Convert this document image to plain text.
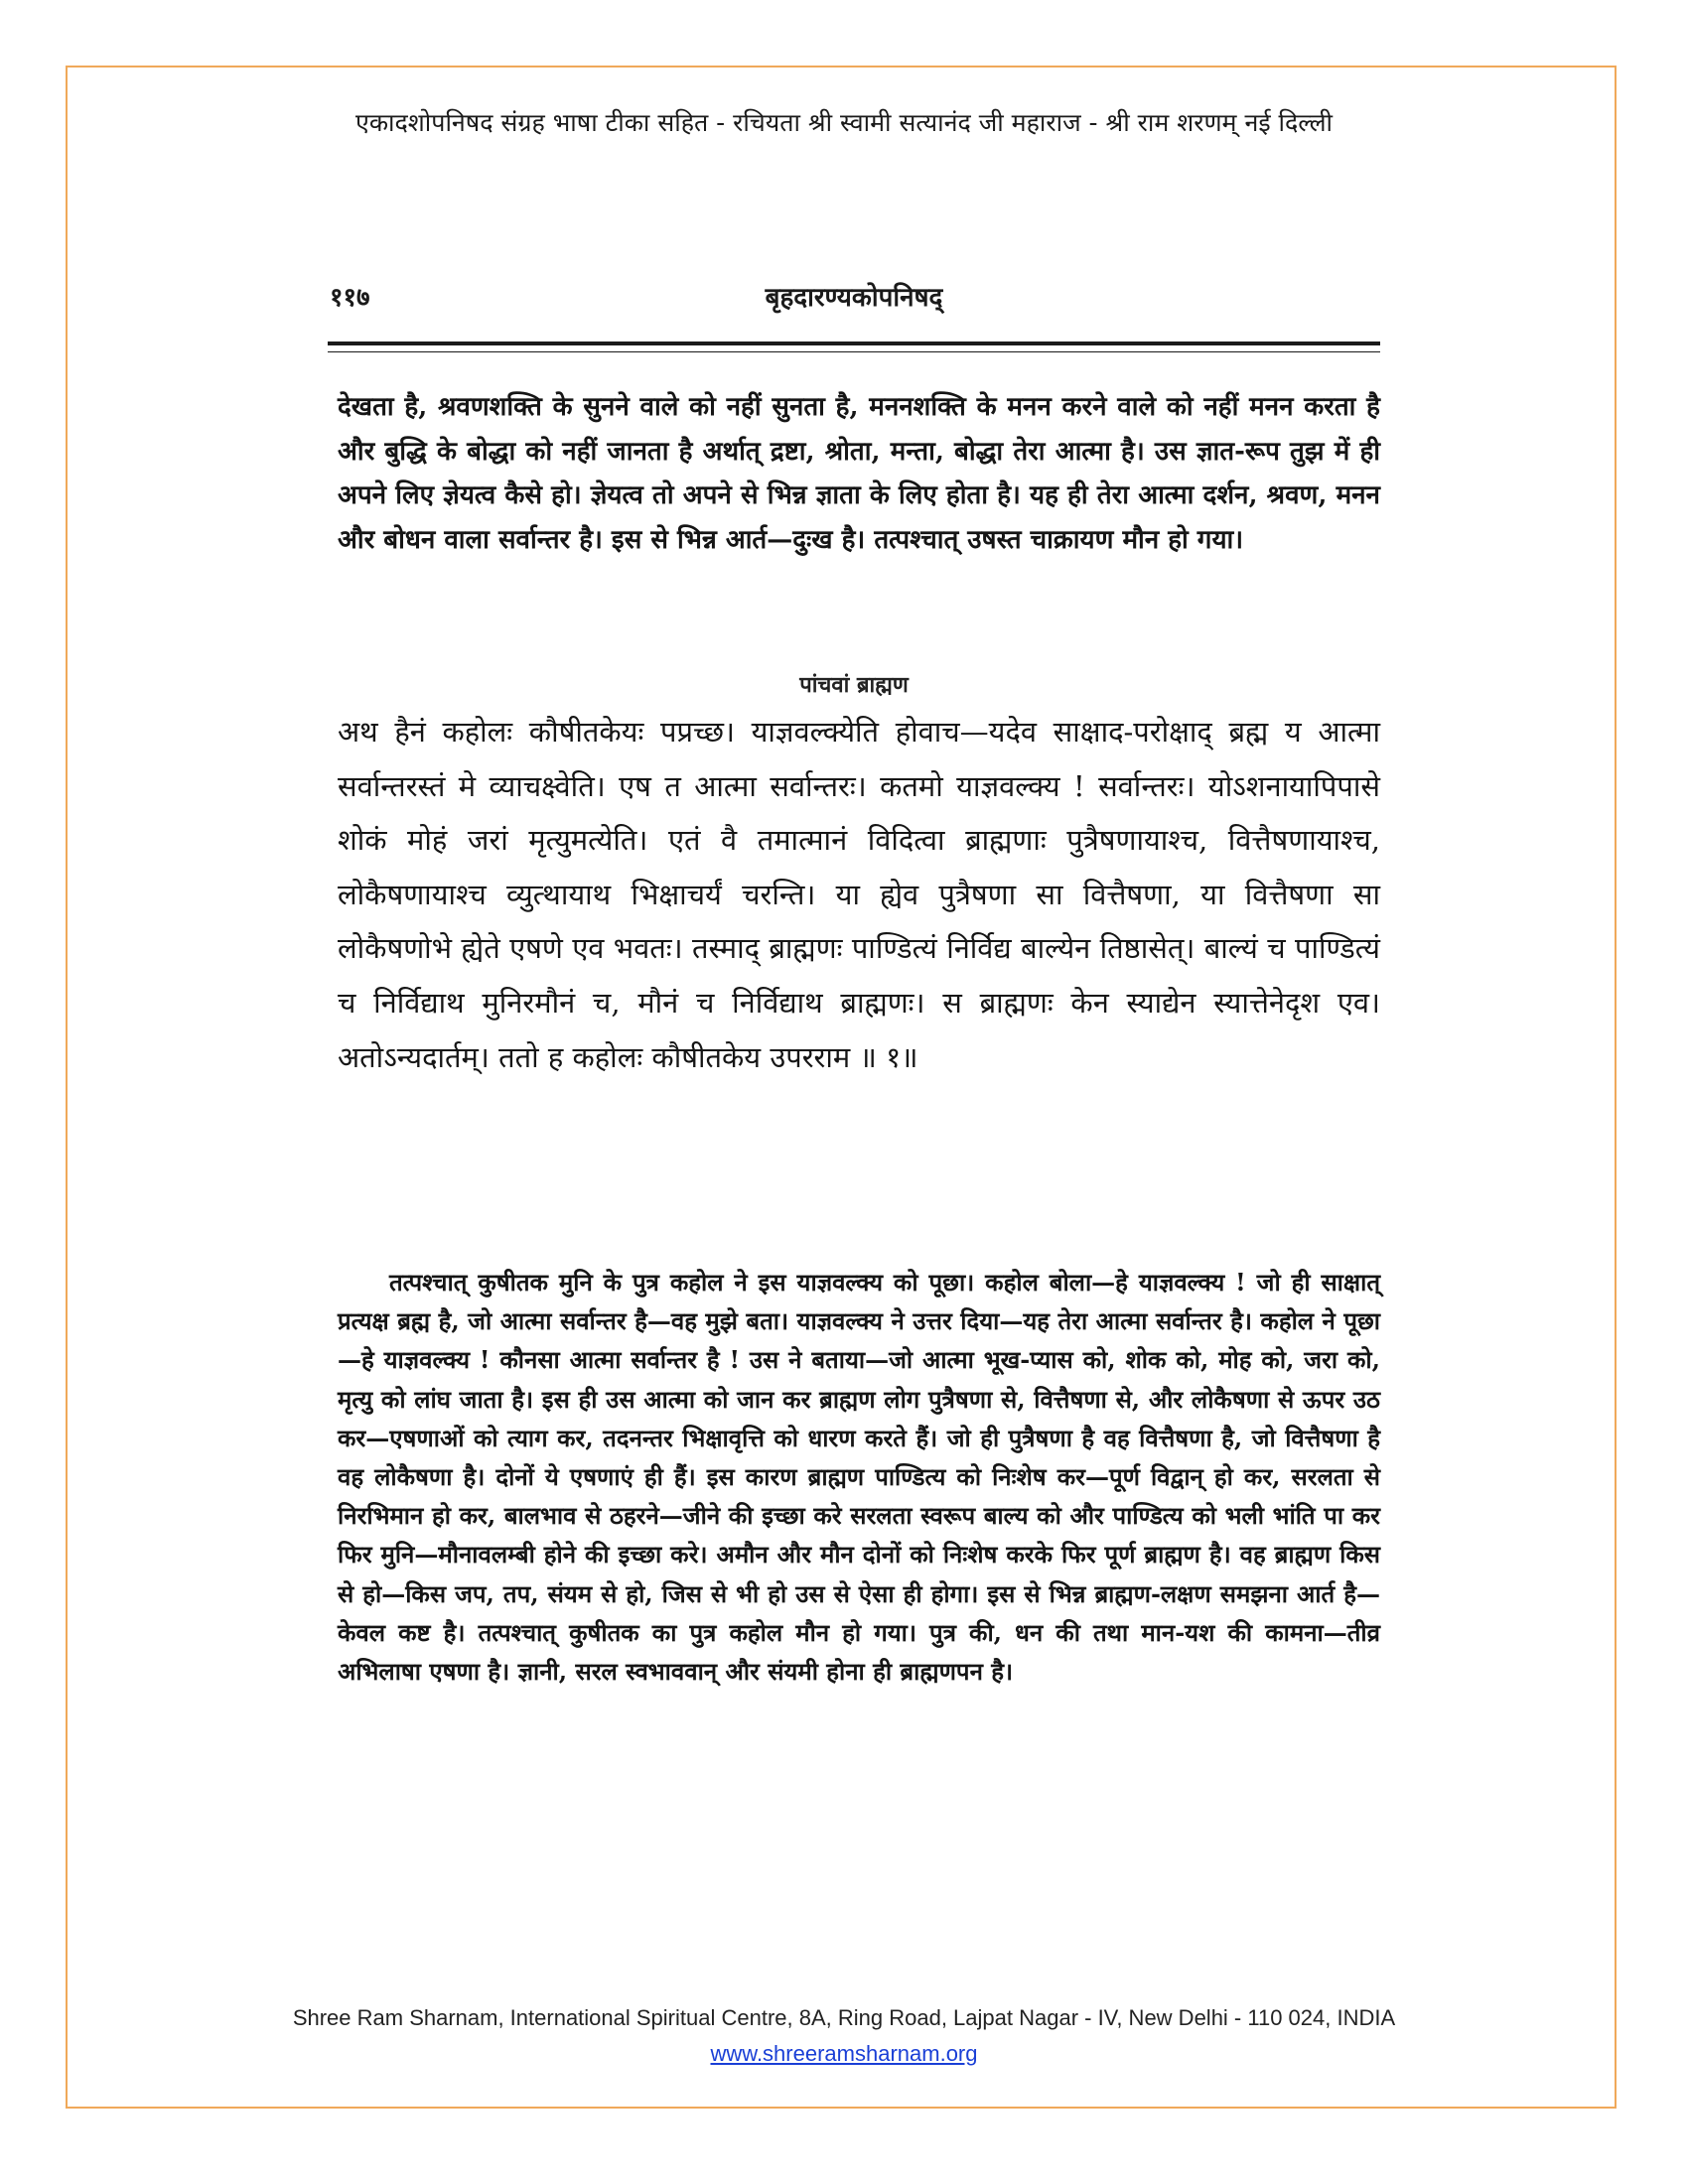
एकादशोपनिषद संग्रह भाषा टीका सहित - रचियता श्री स्वामी सत्यानंद जी महाराज - श्री राम शरणम् नई दिल्ली
११७	बृहदारण्यकोपनिषद्

देखता है, श्रवणशक्ति के सुनने वाले को नहीं सुनता है, मननशक्ति के मनन करने वाले को नहीं मनन करता है और बुद्धि के बोद्धा को नहीं जानता है अर्थात् द्रष्टा, श्रोता, मन्ता, बोद्धा तेरा आत्मा है। उस ज्ञात-रूप तुझ में ही अपने लिए ज्ञेयत्व कैसे हो। ज्ञेयत्व तो अपने से भिन्न ज्ञाता के लिए होता है। यह ही तेरा आत्मा दर्शन, श्रवण, मनन और बोधन वाला सर्वान्तर है। इस से भिन्न आर्त—दुःख है। तत्पश्चात् उषस्त चाक्रायण मौन हो गया।

पांचवां ब्राह्मण

अथ हैनं कहोलः कौषीतकेयः पप्रच्छ। याज्ञवल्क्येति होवाच—यदेव साक्षाद-परोक्षाद् ब्रह्म य आत्मा सर्वान्तरस्तं मे व्याचक्ष्वेति। एष त आत्मा सर्वान्तरः। कतमो याज्ञवल्क्य ! सर्वान्तरः। योऽशनायापिपासे शोकं मोहं जरां मृत्युमत्येति। एतं वै तमात्मानं विदित्वा ब्राह्मणाः पुत्रैषणायाश्च, वित्तैषणायाश्च, लोकैषणायाश्च व्युत्थायाथ भिक्षाचर्यं चरन्ति। या ह्येव पुत्रैषणा सा वित्तैषणा, या वित्तैषणा सा लोकैषणोभे ह्येते एषणे एव भवतः। तस्माद् ब्राह्मणः पाण्डित्यं निर्विद्य बाल्येन तिष्ठासेत्। बाल्यं च पाण्डित्यं च निर्विद्याथ मुनिरमौनं च, मौनं च निर्विद्याथ ब्राह्मणः। स ब्राह्मणः केन स्याद्येन स्यात्तेनेदृश एव। अतोऽन्यदार्तम्। ततो ह कहोलः कौषीतकेय उपरराम ॥ १॥

तत्पश्चात् कुषीतक मुनि के पुत्र कहोल ने इस याज्ञवल्क्य को पूछा। कहोल बोला—हे याज्ञवल्क्य ! जो ही साक्षात् प्रत्यक्ष ब्रह्म है, जो आत्मा सर्वान्तर है—वह मुझे बता। याज्ञवल्क्य ने उत्तर दिया—यह तेरा आत्मा सर्वान्तर है। कहोल ने पूछा—हे याज्ञवल्क्य ! कौनसा आत्मा सर्वान्तर है ! उस ने बताया—जो आत्मा भूख-प्यास को, शोक को, मोह को, जरा को, मृत्यु को लांघ जाता है। इस ही उस आत्मा को जान कर ब्राह्मण लोग पुत्रैषणा से, वित्तैषणा से, और लोकैषणा से ऊपर उठ कर—एषणाओं को त्याग कर, तदनन्तर भिक्षावृत्ति को धारण करते हैं। जो ही पुत्रैषणा है वह वित्तैषणा है, जो वित्तैषणा है वह लोकैषणा है। दोनों ये एषणाएं ही हैं। इस कारण ब्राह्मण पाण्डित्य को निःशेष कर—पूर्ण विद्वान् हो कर, सरलता से निरभिमान हो कर, बालभाव से ठहरने—जीने की इच्छा करे सरलता स्वरूप बाल्य को और पाण्डित्य को भली भांति पा कर फिर मुनि—मौनावलम्बी होने की इच्छा करे। अमौन और मौन दोनों को निःशेष करके फिर पूर्ण ब्राह्मण है। वह ब्राह्मण किस से हो—किस जप, तप, संयम से हो, जिस से भी हो उस से ऐसा ही होगा। इस से भिन्न ब्राह्मण-लक्षण समझना आर्त है—केवल कष्ट है। तत्पश्चात् कुषीतक का पुत्र कहोल मौन हो गया। पुत्र की, धन की तथा मान-यश की कामना—तीव्र अभिलाषा एषणा है। ज्ञानी, सरल स्वभाववान् और संयमी होना ही ब्राह्मणपन है।

Shree Ram Sharnam, International Spiritual Centre, 8A, Ring Road, Lajpat Nagar - IV, New Delhi - 110 024, INDIA
www.shreeramsharnam.org
